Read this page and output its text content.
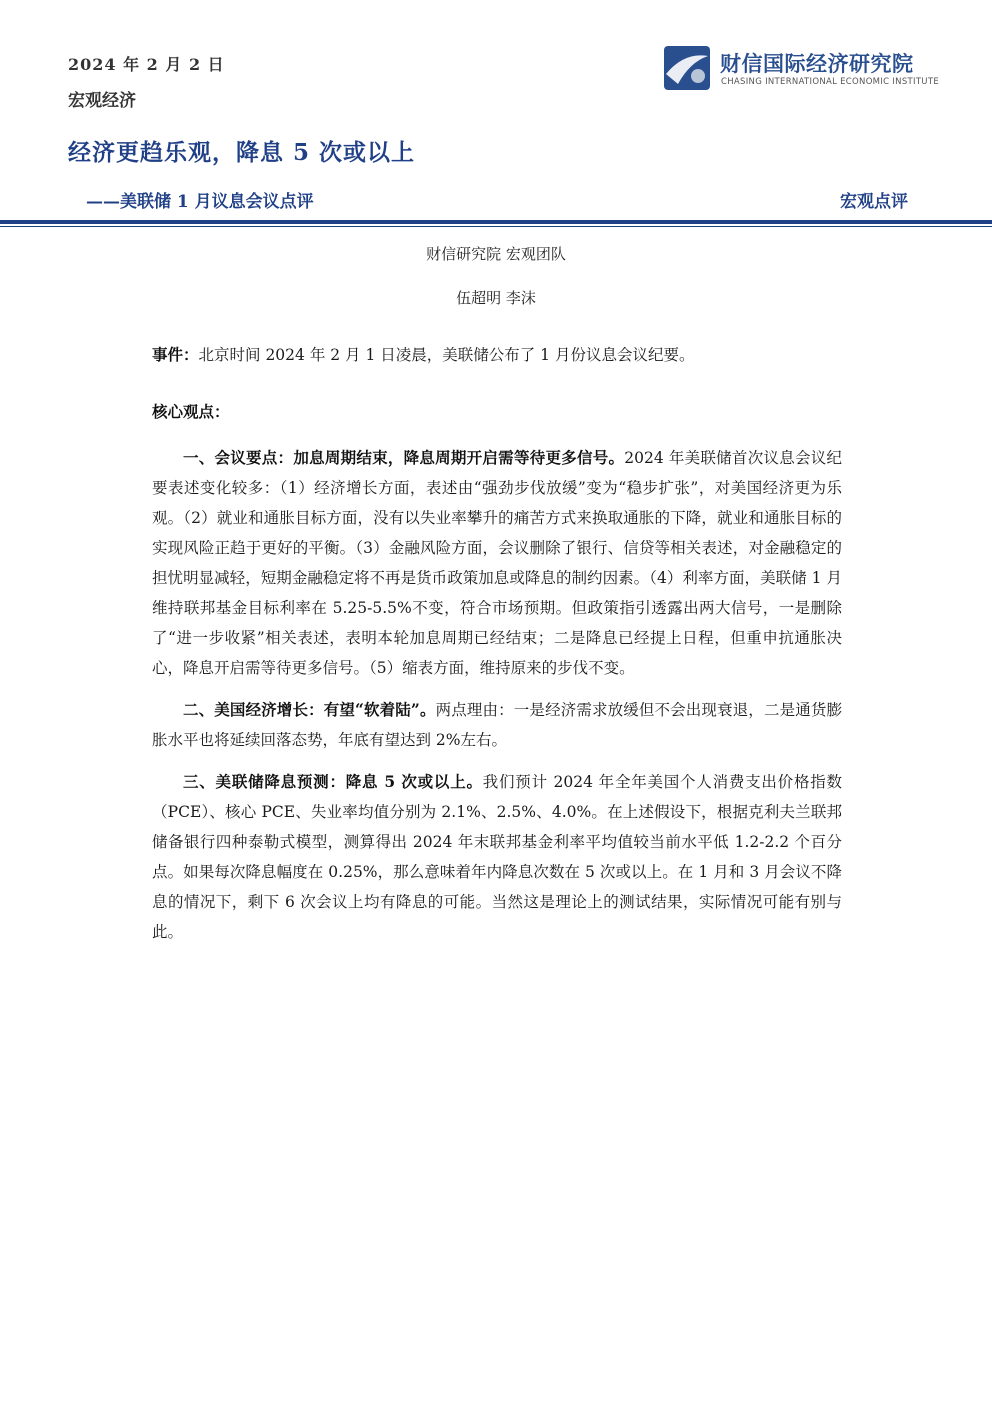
2024 年 2 月 2 日
宏观经济
财信国际经济研究院
CHASING INTERNATIONAL ECONOMIC INSTITUTE
经济更趋乐观，降息 5 次或以上
——美联储 1 月议息会议点评	宏观点评
财信研究院 宏观团队
伍超明 李沫

事件：北京时间 2024 年 2 月 1 日凌晨，美联储公布了 1 月份议息会议纪要。

核心观点：

一、会议要点：加息周期结束，降息周期开启需等待更多信号。2024 年美联储首次议息会议纪要表述变化较多：（1）经济增长方面，表述由“强劲步伐放缓”变为“稳步扩张”，对美国经济更为乐观。（2）就业和通胀目标方面，没有以失业率攀升的痛苦方式来换取通胀的下降，就业和通胀目标的实现风险正趋于更好的平衡。（3）金融风险方面，会议删除了银行、信贷等相关表述，对金融稳定的担忧明显减轻，短期金融稳定将不再是货币政策加息或降息的制约因素。（4）利率方面，美联储 1 月维持联邦基金目标利率在 5.25-5.5%不变，符合市场预期。但政策指引透露出两大信号，一是删除了“进一步收紧”相关表述，表明本轮加息周期已经结束；二是降息已经提上日程，但重申抗通胀决心，降息开启需等待更多信号。（5）缩表方面，维持原来的步伐不变。

二、美国经济增长：有望“软着陆”。两点理由：一是经济需求放缓但不会出现衰退，二是通货膨胀水平也将延续回落态势，年底有望达到 2%左右。

三、美联储降息预测：降息 5 次或以上。我们预计 2024 年全年美国个人消费支出价格指数（PCE）、核心 PCE、失业率均值分别为 2.1%、2.5%、4.0%。在上述假设下，根据克利夫兰联邦储备银行四种泰勒式模型，测算得出 2024 年末联邦基金利率平均值较当前水平低 1.2-2.2 个百分点。如果每次降息幅度在 0.25%，那么意味着年内降息次数在 5 次或以上。在 1 月和 3 月会议不降息的情况下，剩下 6 次会议上均有降息的可能。当然这是理论上的测试结果，实际情况可能有别与此。
